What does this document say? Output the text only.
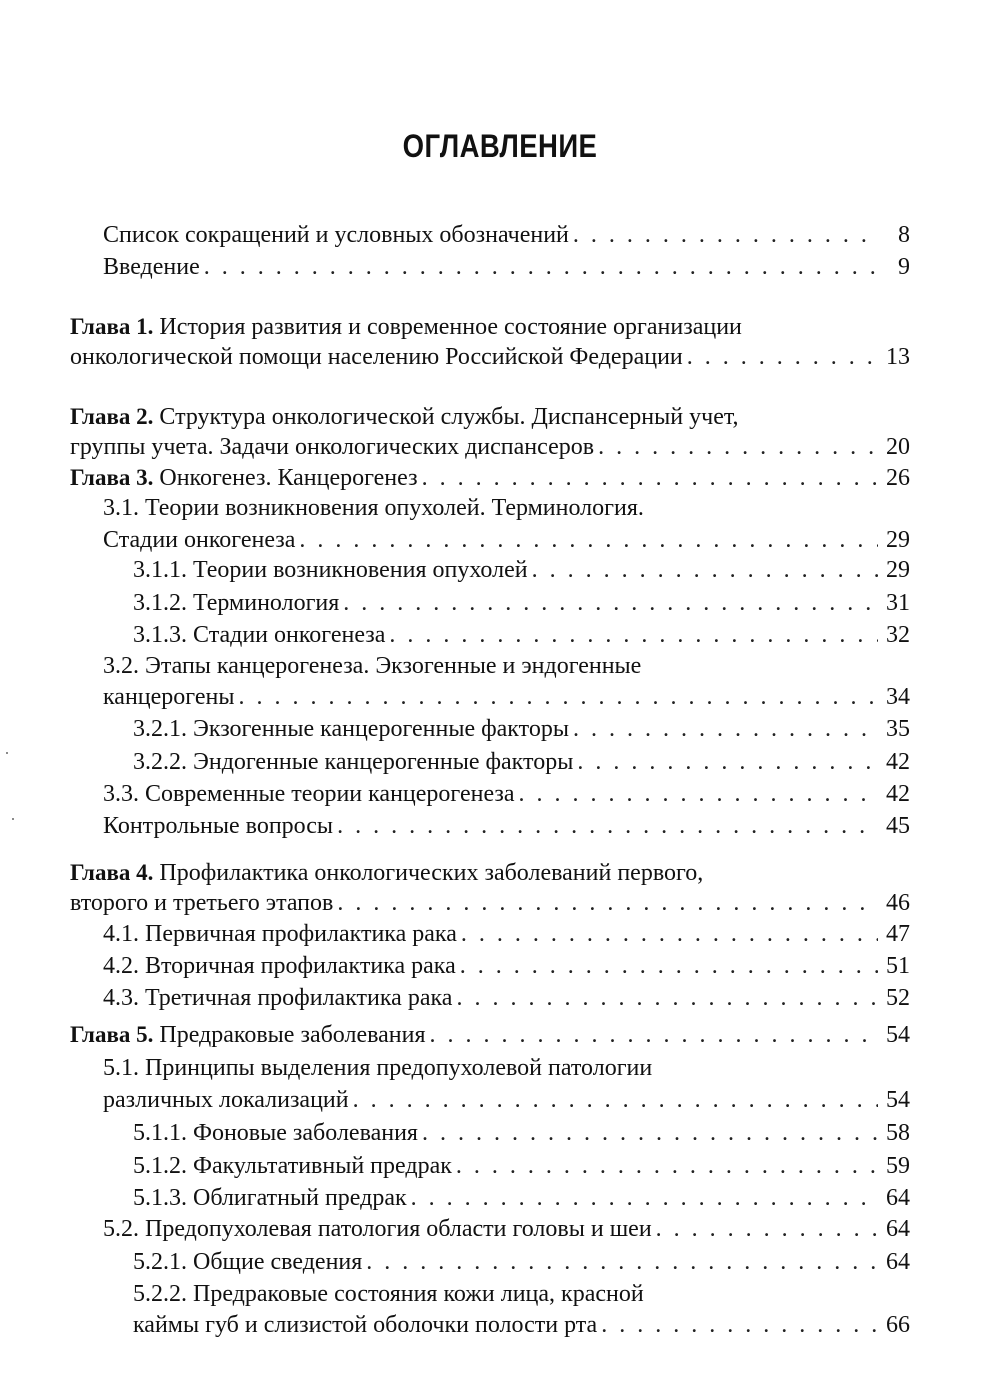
ОГЛАВЛЕНИЕ
Список сокращений и условных обозначений . . .	8
Введение . . .	9
Глава 1. История развития и современное состояние организации
онкологической помощи населению Российской Федерации . . .	13
Глава 2. Структура онкологической службы. Диспансерный учет,
группы учета. Задачи онкологических диспансеров . . .	20
Глава 3. Онкогенез. Канцерогенез . . .	26
3.1. Теории возникновения опухолей. Терминология.
Стадии онкогенеза . . .	29
3.1.1. Теории возникновения опухолей . . .	29
3.1.2. Терминология . . .	31
3.1.3. Стадии онкогенеза . . .	32
3.2. Этапы канцерогенеза. Экзогенные и эндогенные
канцерогены . . .	34
3.2.1. Экзогенные канцерогенные факторы . . .	35
3.2.2. Эндогенные канцерогенные факторы . . .	42
3.3. Современные теории канцерогенеза . . .	42
Контрольные вопросы . . .	45
Глава 4. Профилактика онкологических заболеваний первого,
второго и третьего этапов . . .	46
4.1. Первичная профилактика рака . . .	47
4.2. Вторичная профилактика рака . . .	51
4.3. Третичная профилактика рака . . .	52
Глава 5. Предраковые заболевания . . .	54
5.1. Принципы выделения предопухолевой патологии
различных локализаций . . .	54
5.1.1. Фоновые заболевания . . .	58
5.1.2. Факультативный предрак . . .	59
5.1.3. Облигатный предрак . . .	64
5.2. Предопухолевая патология области головы и шеи . . .	64
5.2.1. Общие сведения . . .	64
5.2.2. Предраковые состояния кожи лица, красной
каймы губ и слизистой оболочки полости рта . . .	66
